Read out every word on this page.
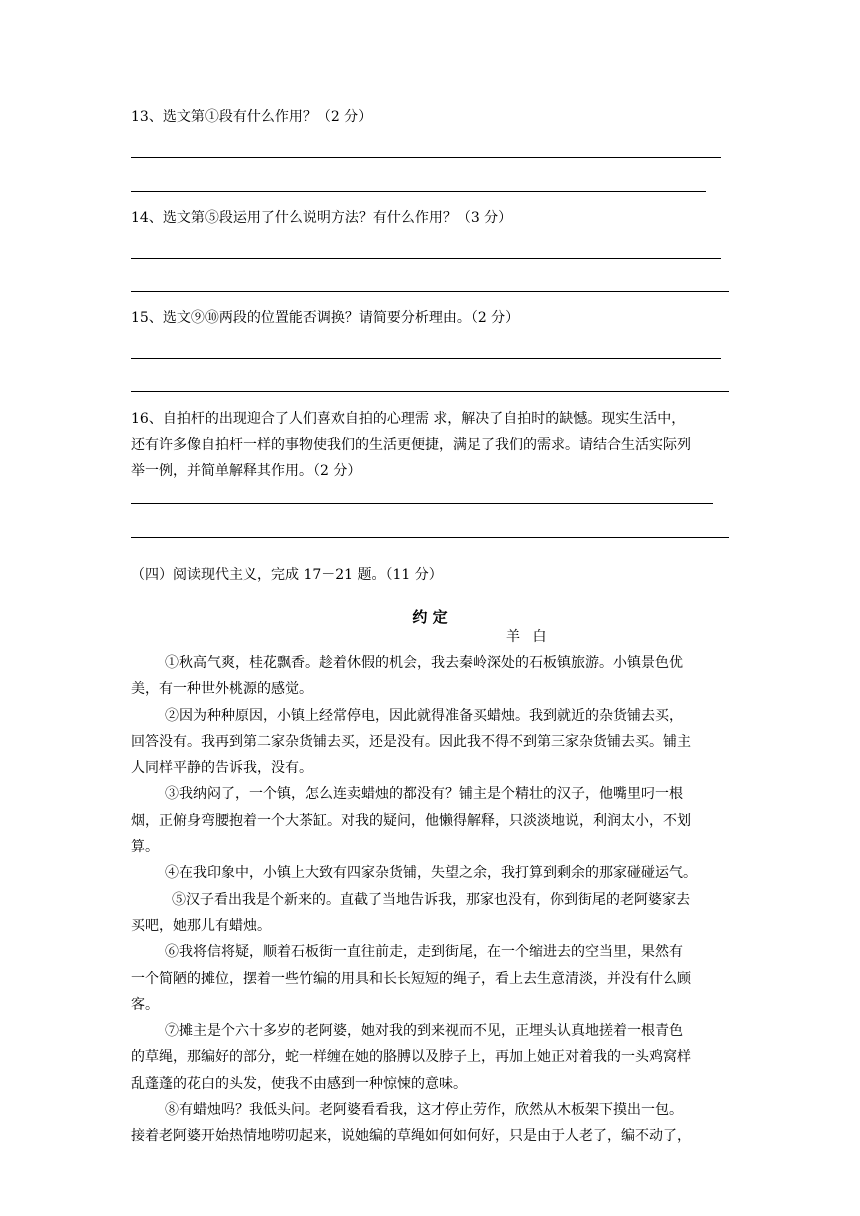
13、选文第①段有什么作用？（2 分）
14、选文第⑤段运用了什么说明方法？有什么作用？（3 分）
15、选文⑨⑩两段的位置能否调换？请简要分析理由。（2 分）
16、自拍杆的出现迎合了人们喜欢自拍的心理需 求，解决了自拍时的缺憾。现实生活中，
还有许多像自拍杆一样的事物使我们的生活更便捷，满足了我们的需求。请结合生活实际列
举一例，并简单解释其作用。（2 分）
（四）阅读现代主义，完成 17－21 题。（11 分）
约 定
羊 白
①秋高气爽，桂花飘香。趁着休假的机会，我去秦岭深处的石板镇旅游。小镇景色优
美，有一种世外桃源的感觉。
②因为种种原因，小镇上经常停电，因此就得准备买蜡烛。我到就近的杂货铺去买，
回答没有。我再到第二家杂货铺去买，还是没有。因此我不得不到第三家杂货铺去买。铺主
人同样平静的告诉我，没有。
③我纳闷了，一个镇，怎么连卖蜡烛的都没有？铺主是个精壮的汉子，他嘴里叼一根
烟，正俯身弯腰抱着一个大茶缸。对我的疑问，他懒得解释，只淡淡地说，利润太小，不划
算。
④在我印象中，小镇上大致有四家杂货铺，失望之余，我打算到剩余的那家碰碰运气。
⑤汉子看出我是个新来的。直截了当地告诉我，那家也没有，你到街尾的老阿婆家去
买吧，她那儿有蜡烛。
⑥我将信将疑，顺着石板街一直往前走，走到街尾，在一个缩进去的空当里，果然有
一个简陋的摊位，摆着一些竹编的用具和长长短短的绳子，看上去生意清淡，并没有什么顾
客。
⑦摊主是个六十多岁的老阿婆，她对我的到来视而不见，正埋头认真地搓着一根青色
的草绳，那编好的部分，蛇一样缠在她的胳膊以及脖子上，再加上她正对着我的一头鸡窝样
乱蓬蓬的花白的头发，使我不由感到一种惊悚的意味。
⑧有蜡烛吗？我低头问。老阿婆看看我，这才停止劳作，欣然从木板架下摸出一包。
接着老阿婆开始热情地唠叨起来，说她编的草绳如何如何好，只是由于人老了，编不动了，
